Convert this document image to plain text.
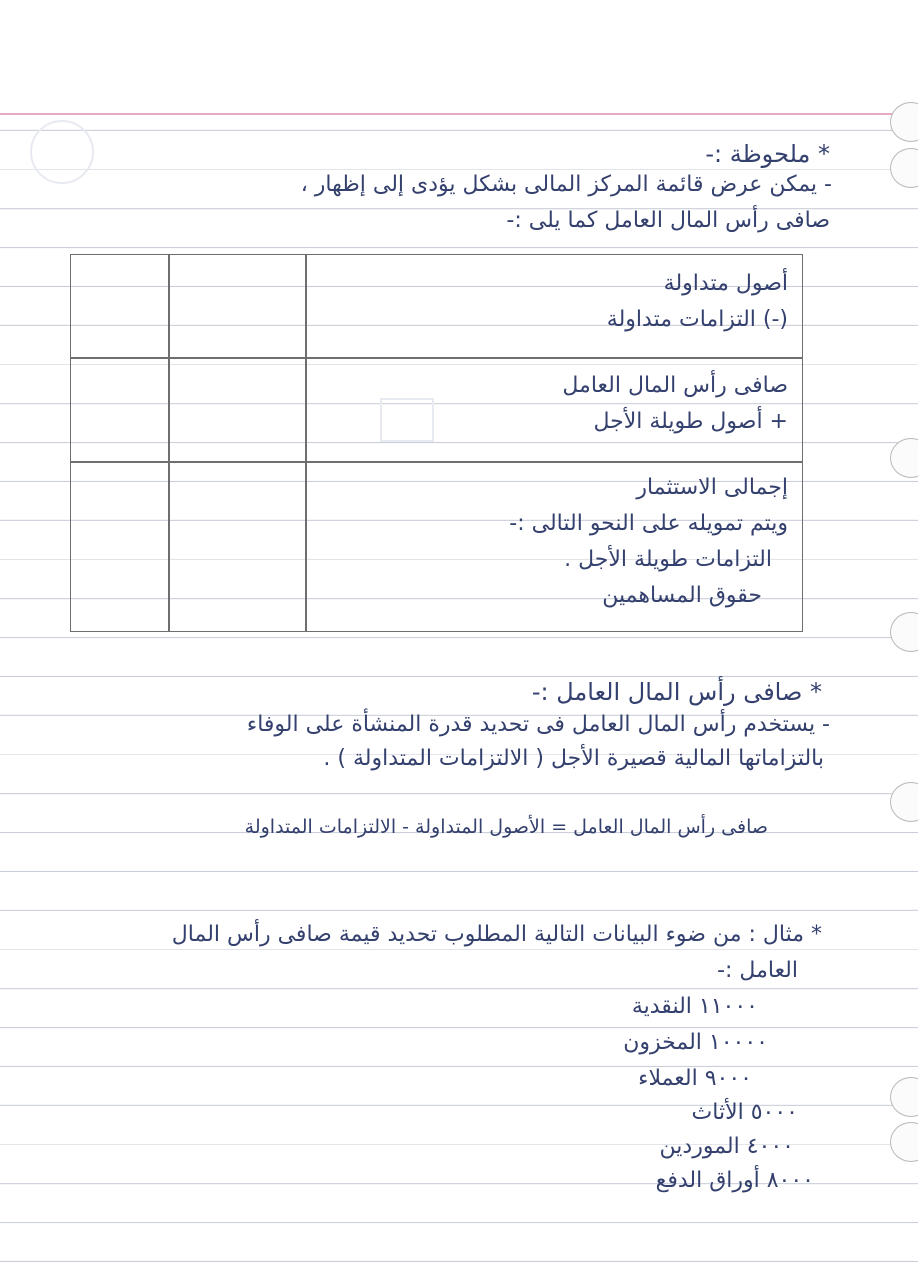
* ملحوظة :-
- يمكن عرض قائمة المركز المالى بشكل يؤدى إلى إظهار ،
صافى رأس المال العامل كما يلى :-
أصول متداولة
(-) التزامات متداولة
صافى رأس المال العامل
+ أصول طويلة الأجل
إجمالى الاستثمار
ويتم تمويله على النحو التالى :-
التزامات طويلة الأجل .
حقوق المساهمين
* صافى رأس المال العامل :-
- يستخدم رأس المال العامل فى تحديد قدرة المنشأة على الوفاء
بالتزاماتها المالية قصيرة الأجل ( الالتزامات المتداولة ) .
صافى رأس المال العامل = الأصول المتداولة - الالتزامات المتداولة
* مثال : من ضوء البيانات التالية المطلوب تحديد قيمة صافى رأس المال
العامل :-
١١٠٠٠ النقدية
١٠٠٠٠ المخزون
٩٠٠٠ العملاء
٥٠٠٠ الأثاث
٤٠٠٠ الموردين
٨٠٠٠ أوراق الدفع
